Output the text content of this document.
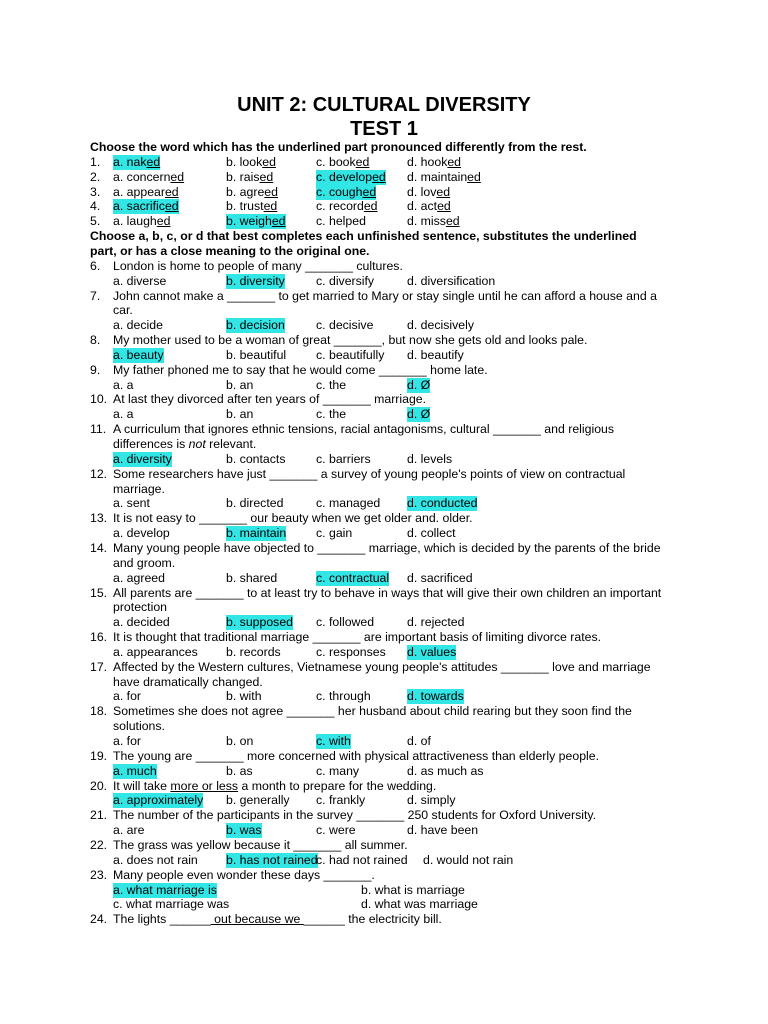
UNIT 2: CULTURAL DIVERSITY
TEST 1
Choose the word which has the underlined part pronounced differently from the rest.
1. a. naked	b. looked	c. booked	d. hooked
2. a. concerned	b. raised	c. developed d. maintained
3. a. appeared	b. agreed	c. coughed	d. loved
4. a. sacrificed	b. trusted	c. recorded d. acted
5. a. laughed	b. weighed c. helped	d. missed
Choose a, b, c, or d that best completes each unfinished sentence, substitutes the underlined
part, or has a close meaning to the original one.
6. London is home to people of many _______ cultures.
a. diverse	b. diversity	c. diversify	d. diversification
7. John cannot make a _______ to get married to Mary or stay single until he can afford a house and a
car.
a. decide	b. decision	c. decisive	d. decisively
8. My mother used to be a woman of great _______, but now she gets old and looks pale.
a. beauty	b. beautiful c. beautifully d. beautify
9. My father phoned me to say that he would come _______ home late.
a. a	b. an	c. the	d. Ø
10. At last they divorced after ten years of _______ marriage.
a. a	b. an	c. the	d. Ø
11. A curriculum that ignores ethnic tensions, racial antagonisms, cultural _______ and religious
differences is not relevant.
a. diversity	b. contacts c. barriers	d. levels
12. Some researchers have just _______ a survey of young people's points of view on contractual
marriage.
a. sent	b. directed	c. managed d. conducted
13. It is not easy to _______ our beauty when we get older and. older.
a. develop	b. maintain c. gain	d. collect
14. Many young people have objected to _______ marriage, which is decided by the parents of the bride
and groom.
a. agreed	b. shared	c. contractual d. sacrificed
15. All parents are _______ to at least try to behave in ways that will give their own children an important
protection
a. decided	b. supposed c. followed	d. rejected
16. It is thought that traditional marriage _______ are important basis of limiting divorce rates.
a. appearances b. records	c. responses d. values
17. Affected by the Western cultures, Vietnamese young people's attitudes _______ love and marriage
have dramatically changed.
a. for	b. with	c. through	d. towards
18. Sometimes she does not agree _______ her husband about child rearing but they soon find the
solutions.
a. for	b. on	c. with	d. of
19. The young are _______ more concerned with physical attractiveness than elderly people.
a. much	b. as	c. many	d. as much as
20. It will take more or less a month to prepare for the wedding.
a. approximately b. generally c. frankly	d. simply
21. The number of the participants in the survey _______ 250 students for Oxford University.
a. are	b. was	c. were	d. have been
22. The grass was yellow because it _______ all summer.
a. does not rain b. has not rained
c. had not rained d. would not rain
23. Many people even wonder these days _______.
a. what marriage is	b. what is marriage
c. what marriage was	d. what was marriage
24. The lights ______ out because we ______ the electricity bill.
